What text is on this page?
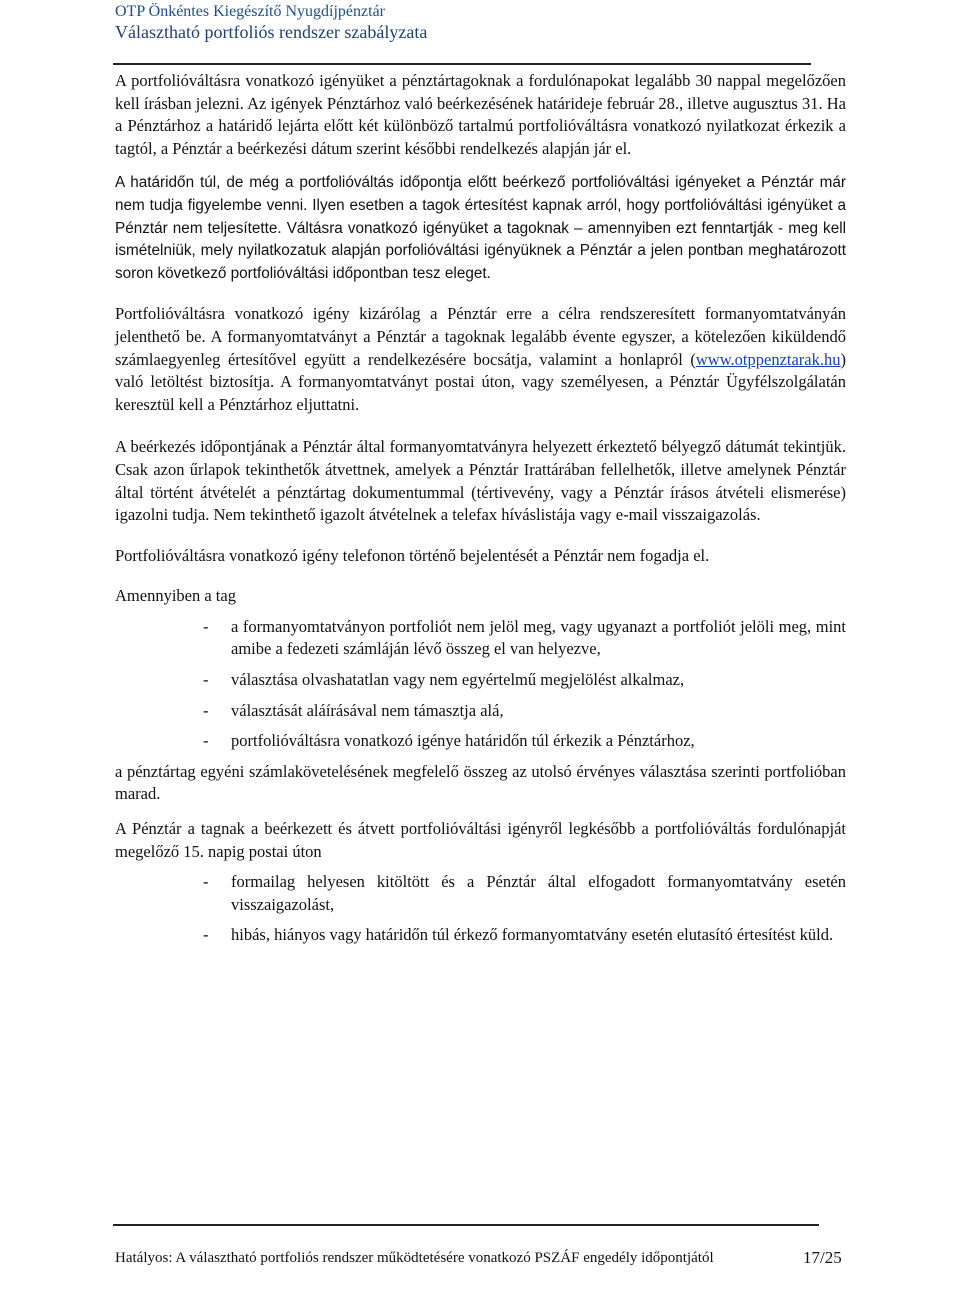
OTP Önkéntes Kiegészítő Nyugdíjpénztár
Választható portfoliós rendszer szabályzata

A portfolióváltásra vonatkozó igényüket a pénztártagoknak a fordulónapokat legalább 30 nappal megelőzően kell írásban jelezni. Az igények Pénztárhoz való beérkezésének határideje február 28., illetve augusztus 31. Ha a Pénztárhoz a határidő lejárta előtt két különböző tartalmú portfolióváltásra vonatkozó nyilatkozat érkezik a tagtól, a Pénztár a beérkezési dátum szerint későbbi rendelkezés alapján jár el.

A határidőn túl, de még a portfolióváltás időpontja előtt beérkező portfolióváltási igényeket a Pénztár már nem tudja figyelembe venni. Ilyen esetben a tagok értesítést kapnak arról, hogy portfolióváltási igényüket a Pénztár nem teljesítette. Váltásra vonatkozó igényüket a tagoknak – amennyiben ezt fenntartják - meg kell ismételniük, mely nyilatkozatuk alapján porfolióváltási igényüknek a Pénztár a jelen pontban meghatározott soron következő portfolióváltási időpontban tesz eleget.

Portfolióváltásra vonatkozó igény kizárólag a Pénztár erre a célra rendszeresített formanyomtatványán jelenthető be. A formanyomtatványt a Pénztár a tagoknak legalább évente egyszer, a kötelezően kiküldendő számlaegyenleg értesítővel együtt a rendelkezésére bocsátja, valamint a honlapról (www.otppenztarak.hu) való letöltést biztosítja. A formanyomtatványt postai úton, vagy személyesen, a Pénztár Ügyfélszolgálatán keresztül kell a Pénztárhoz eljuttatni.

A beérkezés időpontjának a Pénztár által formanyomtatványra helyezett érkeztető bélyegző dátumát tekintjük. Csak azon űrlapok tekinthetők átvettnek, amelyek a Pénztár Irattárában fellelhetők, illetve amelynek Pénztár által történt átvételét a pénztártag dokumentummal (tértivevény, vagy a Pénztár írásos átvételi elismerése) igazolni tudja. Nem tekinthető igazolt átvételnek a telefax híváslistája vagy e-mail visszaigazolás.

Portfolióváltásra vonatkozó igény telefonon történő bejelentését a Pénztár nem fogadja el.

Amennyiben a tag

- a formanyomtatványon portfoliót nem jelöl meg, vagy ugyanazt a portfoliót jelöli meg, mint amibe a fedezeti számláján lévő összeg el van helyezve,
- választása olvashatatlan vagy nem egyértelmű megjelölést alkalmaz,
- választását aláírásával nem támasztja alá,
- portfolióváltásra vonatkozó igénye határidőn túl érkezik a Pénztárhoz,

a pénztártag egyéni számlakövetelésének megfelelő összeg az utolsó érvényes választása szerinti portfolióban marad.

A Pénztár a tagnak a beérkezett és átvett portfolióváltási igényről legkésőbb a portfolióváltás fordulónapját megelőző 15. napig postai úton

- formailag helyesen kitöltött és a Pénztár által elfogadott formanyomtatvány esetén visszaigazolást,
- hibás, hiányos vagy határidőn túl érkező formanyomtatvány esetén elutasító értesítést küld.
Hatályos: A választható portfoliós rendszer működtetésére vonatkozó PSZÁF engedély időpontjától	17/25
